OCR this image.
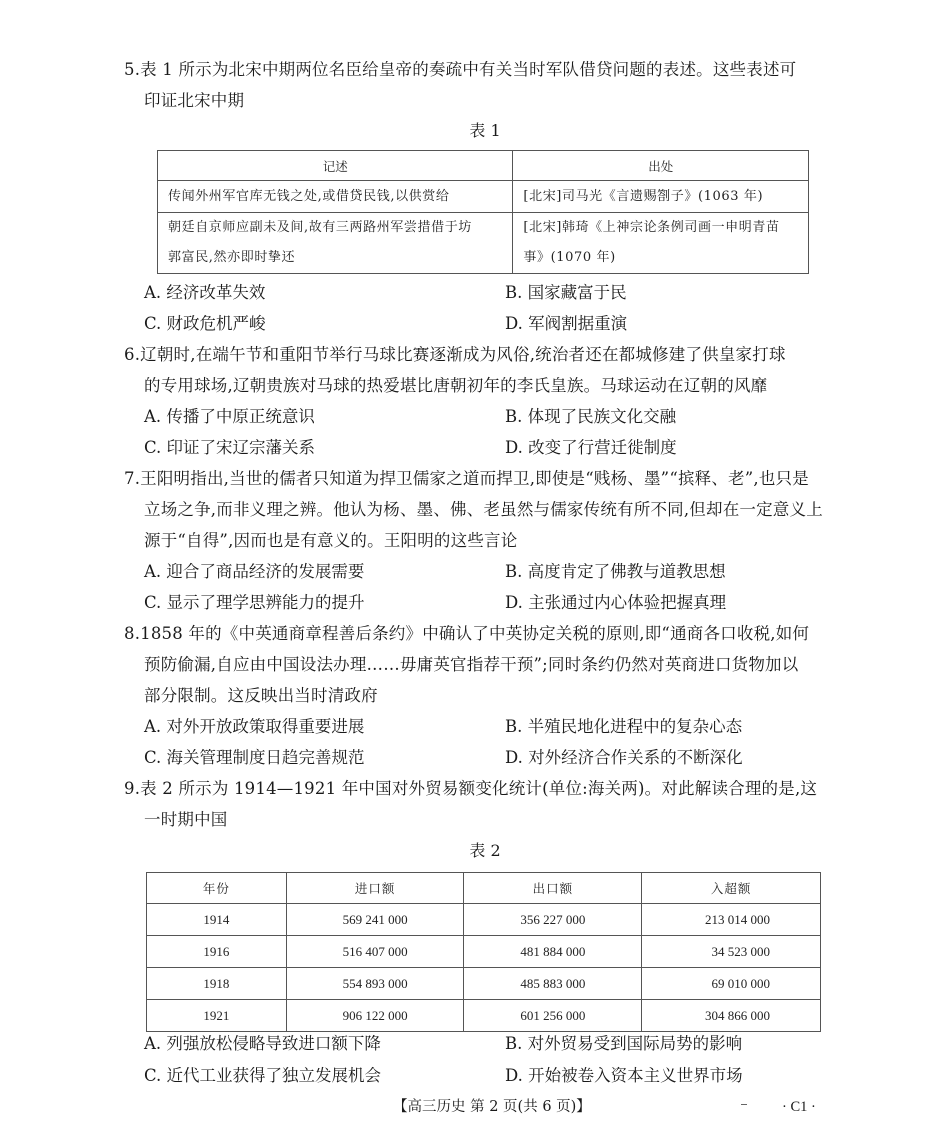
5.表 1 所示为北宋中期两位名臣给皇帝的奏疏中有关当时军队借贷问题的表述。这些表述可
印证北宋中期
表 1
记述	出处
传闻外州军官库无钱之处,或借贷民钱,以供赏给	[北宋]司马光《言遗赐劄子》(1063 年)
朝廷自京师应副未及间,故有三两路州军尝措借于坊
郭富民,然亦即时挚还	[北宋]韩琦《上神宗论条例司画一申明青苗
事》(1070 年)
A. 经济改革失效	B. 国家藏富于民
C. 财政危机严峻	D. 军阀割据重演
6.辽朝时,在端午节和重阳节举行马球比赛逐渐成为风俗,统治者还在都城修建了供皇家打球
的专用球场,辽朝贵族对马球的热爱堪比唐朝初年的李氏皇族。马球运动在辽朝的风靡
A. 传播了中原正统意识	B. 体现了民族文化交融
C. 印证了宋辽宗藩关系	D. 改变了行营迁徙制度
7.王阳明指出,当世的儒者只知道为捍卫儒家之道而捍卫,即使是“贱杨、墨”“摈释、老”,也只是
立场之争,而非义理之辨。他认为杨、墨、佛、老虽然与儒家传统有所不同,但却在一定意义上
源于“自得”,因而也是有意义的。王阳明的这些言论
A. 迎合了商品经济的发展需要	B. 高度肯定了佛教与道教思想
C. 显示了理学思辨能力的提升	D. 主张通过内心体验把握真理
8.1858 年的《中英通商章程善后条约》中确认了中英协定关税的原则,即“通商各口收税,如何
预防偷漏,自应由中国设法办理……毋庸英官指荐干预”;同时条约仍然对英商进口货物加以
部分限制。这反映出当时清政府
A. 对外开放政策取得重要进展	B. 半殖民地化进程中的复杂心态
C. 海关管理制度日趋完善规范	D. 对外经济合作关系的不断深化
9.表 2 所示为 1914—1921 年中国对外贸易额变化统计(单位:海关两)。对此解读合理的是,这
一时期中国
表 2
年份	进口额	出口额	入超额
1914	569 241 000	356 227 000	213 014 000
1916	516 407 000	481 884 000	34 523 000
1918	554 893 000	485 883 000	69 010 000
1921	906 122 000	601 256 000	304 866 000
A. 列强放松侵略导致进口额下降	B. 对外贸易受到国际局势的影响
C. 近代工业获得了独立发展机会	D. 开始被卷入资本主义世界市场
【高三历史 第 2 页(共 6 页)】	· C1 ·
